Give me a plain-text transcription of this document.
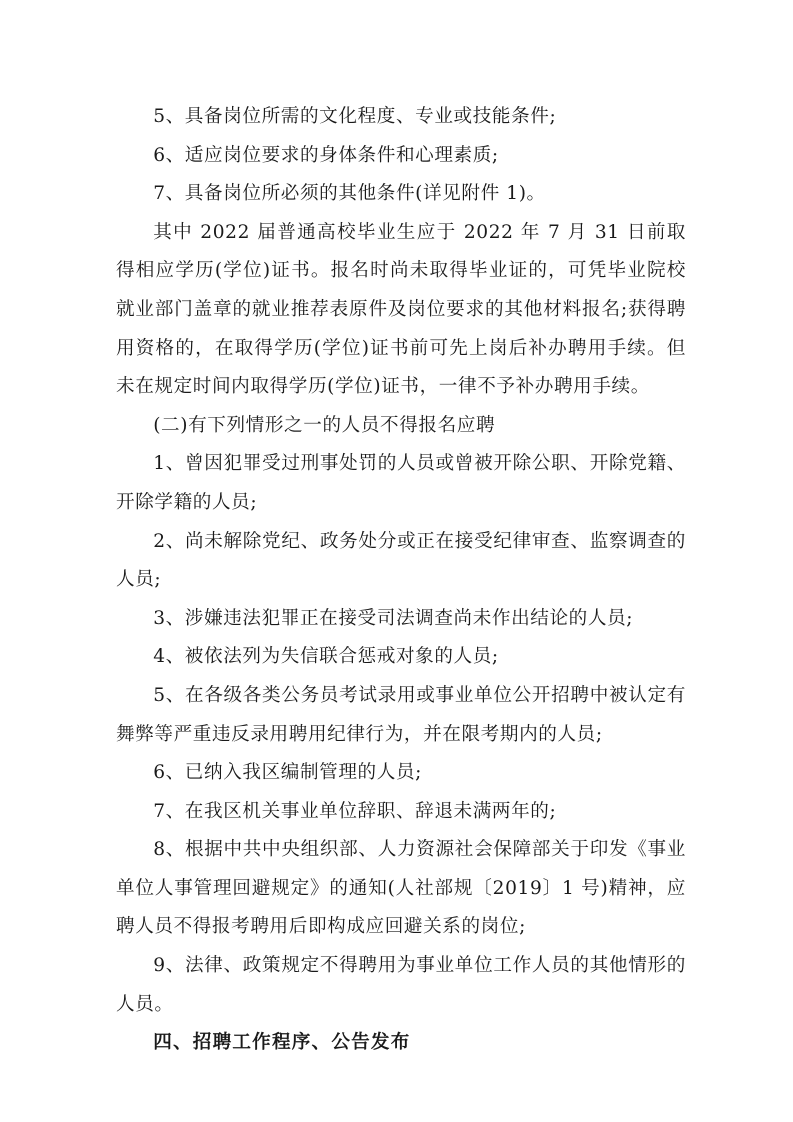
5、具备岗位所需的文化程度、专业或技能条件;

6、适应岗位要求的身体条件和心理素质;

7、具备岗位所必须的其他条件(详见附件 1)。

其中 2022 届普通高校毕业生应于 2022 年 7 月 31 日前取得相应学历(学位)证书。报名时尚未取得毕业证的，可凭毕业院校就业部门盖章的就业推荐表原件及岗位要求的其他材料报名;获得聘用资格的，在取得学历(学位)证书前可先上岗后补办聘用手续。但未在规定时间内取得学历(学位)证书，一律不予补办聘用手续。

(二)有下列情形之一的人员不得报名应聘

1、曾因犯罪受过刑事处罚的人员或曾被开除公职、开除党籍、开除学籍的人员;

2、尚未解除党纪、政务处分或正在接受纪律审查、监察调查的人员;

3、涉嫌违法犯罪正在接受司法调查尚未作出结论的人员;

4、被依法列为失信联合惩戒对象的人员;

5、在各级各类公务员考试录用或事业单位公开招聘中被认定有舞弊等严重违反录用聘用纪律行为，并在限考期内的人员;

6、已纳入我区编制管理的人员;

7、在我区机关事业单位辞职、辞退未满两年的;

8、根据中共中央组织部、人力资源社会保障部关于印发《事业单位人事管理回避规定》的通知(人社部规〔2019〕1 号)精神，应聘人员不得报考聘用后即构成应回避关系的岗位;

9、法律、政策规定不得聘用为事业单位工作人员的其他情形的人员。

四、招聘工作程序、公告发布
